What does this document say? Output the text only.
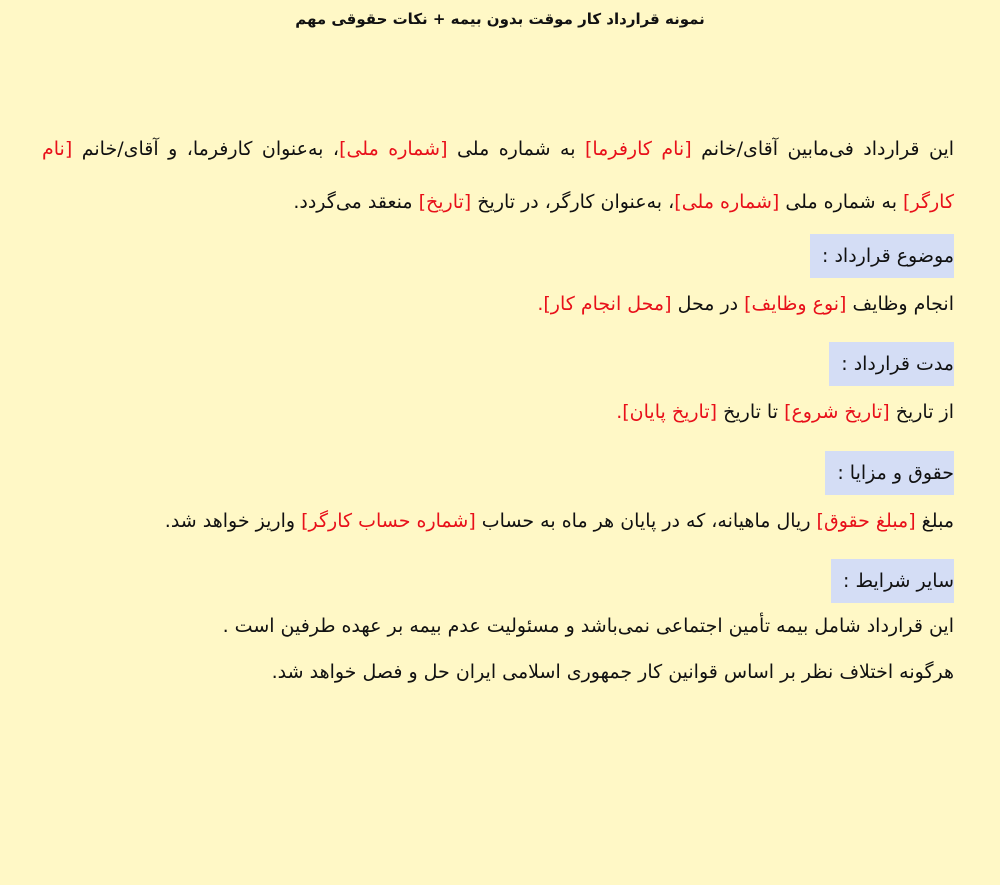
نمونه قرارداد کار موقت بدون بیمه + نکات حقوقی مهم

این قرارداد فی‌مابین آقای/خانم [نام کارفرما] به شماره ملی [شماره ملی]، به‌عنوان کارفرما، و آقای/خانم [نام کارگر] به شماره ملی [شماره ملی]، به‌عنوان کارگر، در تاریخ [تاریخ] منعقد می‌گردد.

موضوع قرارداد :

انجام وظایف [نوع وظایف] در محل [محل انجام کار].

مدت قرارداد :

از تاریخ [تاریخ شروع] تا تاریخ [تاریخ پایان].

حقوق و مزایا :

مبلغ [مبلغ حقوق] ریال ماهیانه، که در پایان هر ماه به حساب [شماره حساب کارگر] واریز خواهد شد.

سایر شرایط :

این قرارداد شامل بیمه تأمین اجتماعی نمی‌باشد و مسئولیت عدم بیمه بر عهده طرفین است .

هرگونه اختلاف نظر بر اساس قوانین کار جمهوری اسلامی ایران حل و فصل خواهد شد.
